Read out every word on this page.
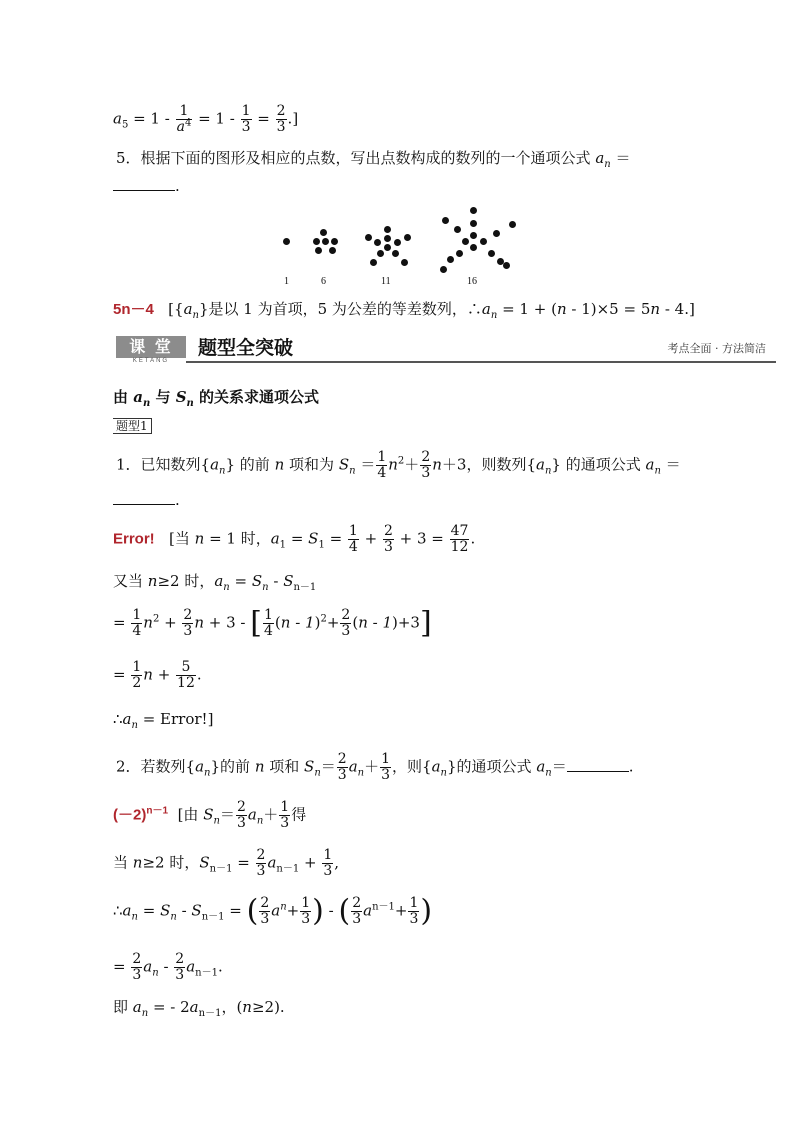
$a_5 = 1 - \frac{1}{a^4} = 1 - \frac{1}{3} = \frac{2}{3}$ .]
5．根据下面的图形及相应的点数，写出点数构成的数列的一个通项公式 $a_n$ ＝
.
1	6	11	16
5n－4 [$\{a_n\}$是以 1 为首项，5 为公差的等差数列，$\therefore a_n = 1 + (n - 1)\times 5 = 5n - 4$.]
课 堂
KETANG
题型全突破	考点全面 · 方法简洁
由 $a_n$ 与 $S_n$ 的关系求通项公式
题型1
1．已知数列$\{a_n\}$ 的前 n 项和为 $S_n = \frac{1}{4} n^2+ \frac{2}{3} n+3$，则数列$\{a_n\}$ 的通项公式 $a_n$ ＝
.
Error! [当 n = 1 时，$a_1 = S_1 = \frac{1}{4} + \frac{2}{3} + 3 = \frac{47}{12}$ .
又当 n≥2 时，$a_n = S_n - S_{n-1}$
= $\frac{1}{4} n^2 + \frac{2}{3}$ n + 3 - [ $\frac{1}{4} (n - 1)^2+ \frac{2}{3} (n - 1)+3$]
= $\frac{1}{2}$ $n + \frac{5}{12}$ .
$\therefore a_n$ = Error!]
2．若数列$\{a_n\}$的前 n 项和 $S_n= \frac{2}{3} a_n+ \frac{1}{3}$ ，则$\{a_n\}$的通项公式 $a_n=$	.
$(-2)^{n-1}$ [由 $S_n= \frac{2}{3} a_n+ \frac{1}{3}$ 得
当 n≥2 时，$S_{n-1} = \frac{2}{3} a_{n-1} + \frac{1}{3}$ ,
$\therefore a_n = S_n - S_{n-1}$ = ( $\frac{2}{3} a^n+ \frac{1}{3}$ ) - ( $\frac{2}{3} a^{n-1}+ \frac{1}{3}$ )
= $\frac{2}{3} a_n - \frac{2}{3} a_{n-1}$.
即 $a_n$ = - $2a_{n-1}$，(n≥2).
